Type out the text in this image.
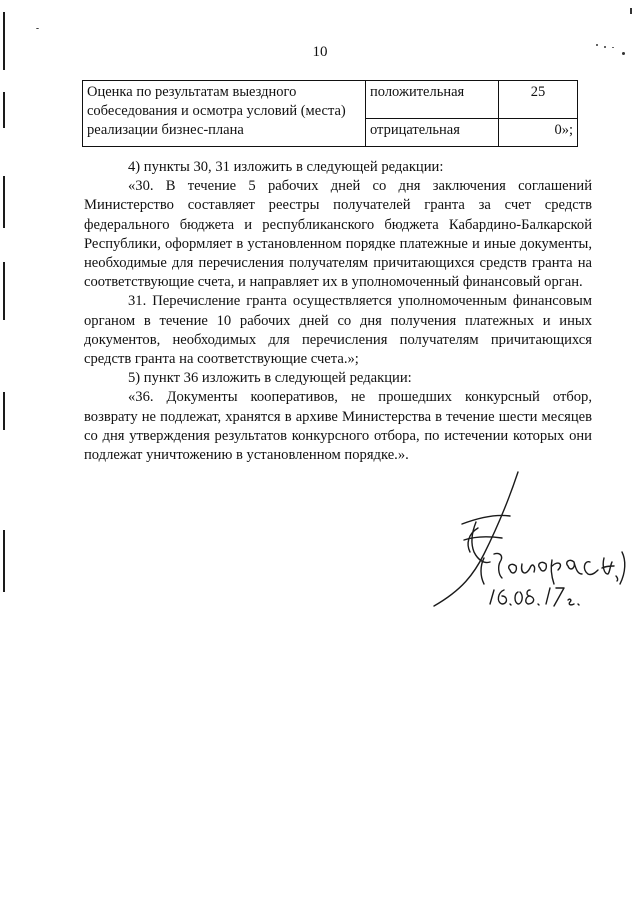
10
Оценка по результатам выездного собеседования и осмотра условий (места) реализации бизнес-плана	положительная	25
	отрицательная	0»;

4) пункты 30, 31 изложить в следующей редакции:

«30. В течение 5 рабочих дней со дня заключения соглашений Министерство составляет реестры получателей гранта за счет средств федерального бюджета и республиканского бюджета Кабардино-Балкарской Республики, оформляет в установленном порядке платежные и иные документы, необходимые для перечисления получателям причитающихся средств гранта на соответствующие счета, и направляет их в уполномоченный финансовый орган.

31. Перечисление гранта осуществляется уполномоченным финансовым органом в течение 10 рабочих дней со дня получения платежных и иных документов, необходимых для перечисления получателям причитающихся средств гранта на соответствующие счета.»;

5) пункт 36 изложить в следующей редакции:

«36. Документы кооперативов, не прошедших конкурсный отбор, возврату не подлежат, хранятся в архиве Министерства в течение шести месяцев со дня утверждения результатов конкурсного отбора, по истечении которых они подлежат уничтожению в установленном порядке.».
